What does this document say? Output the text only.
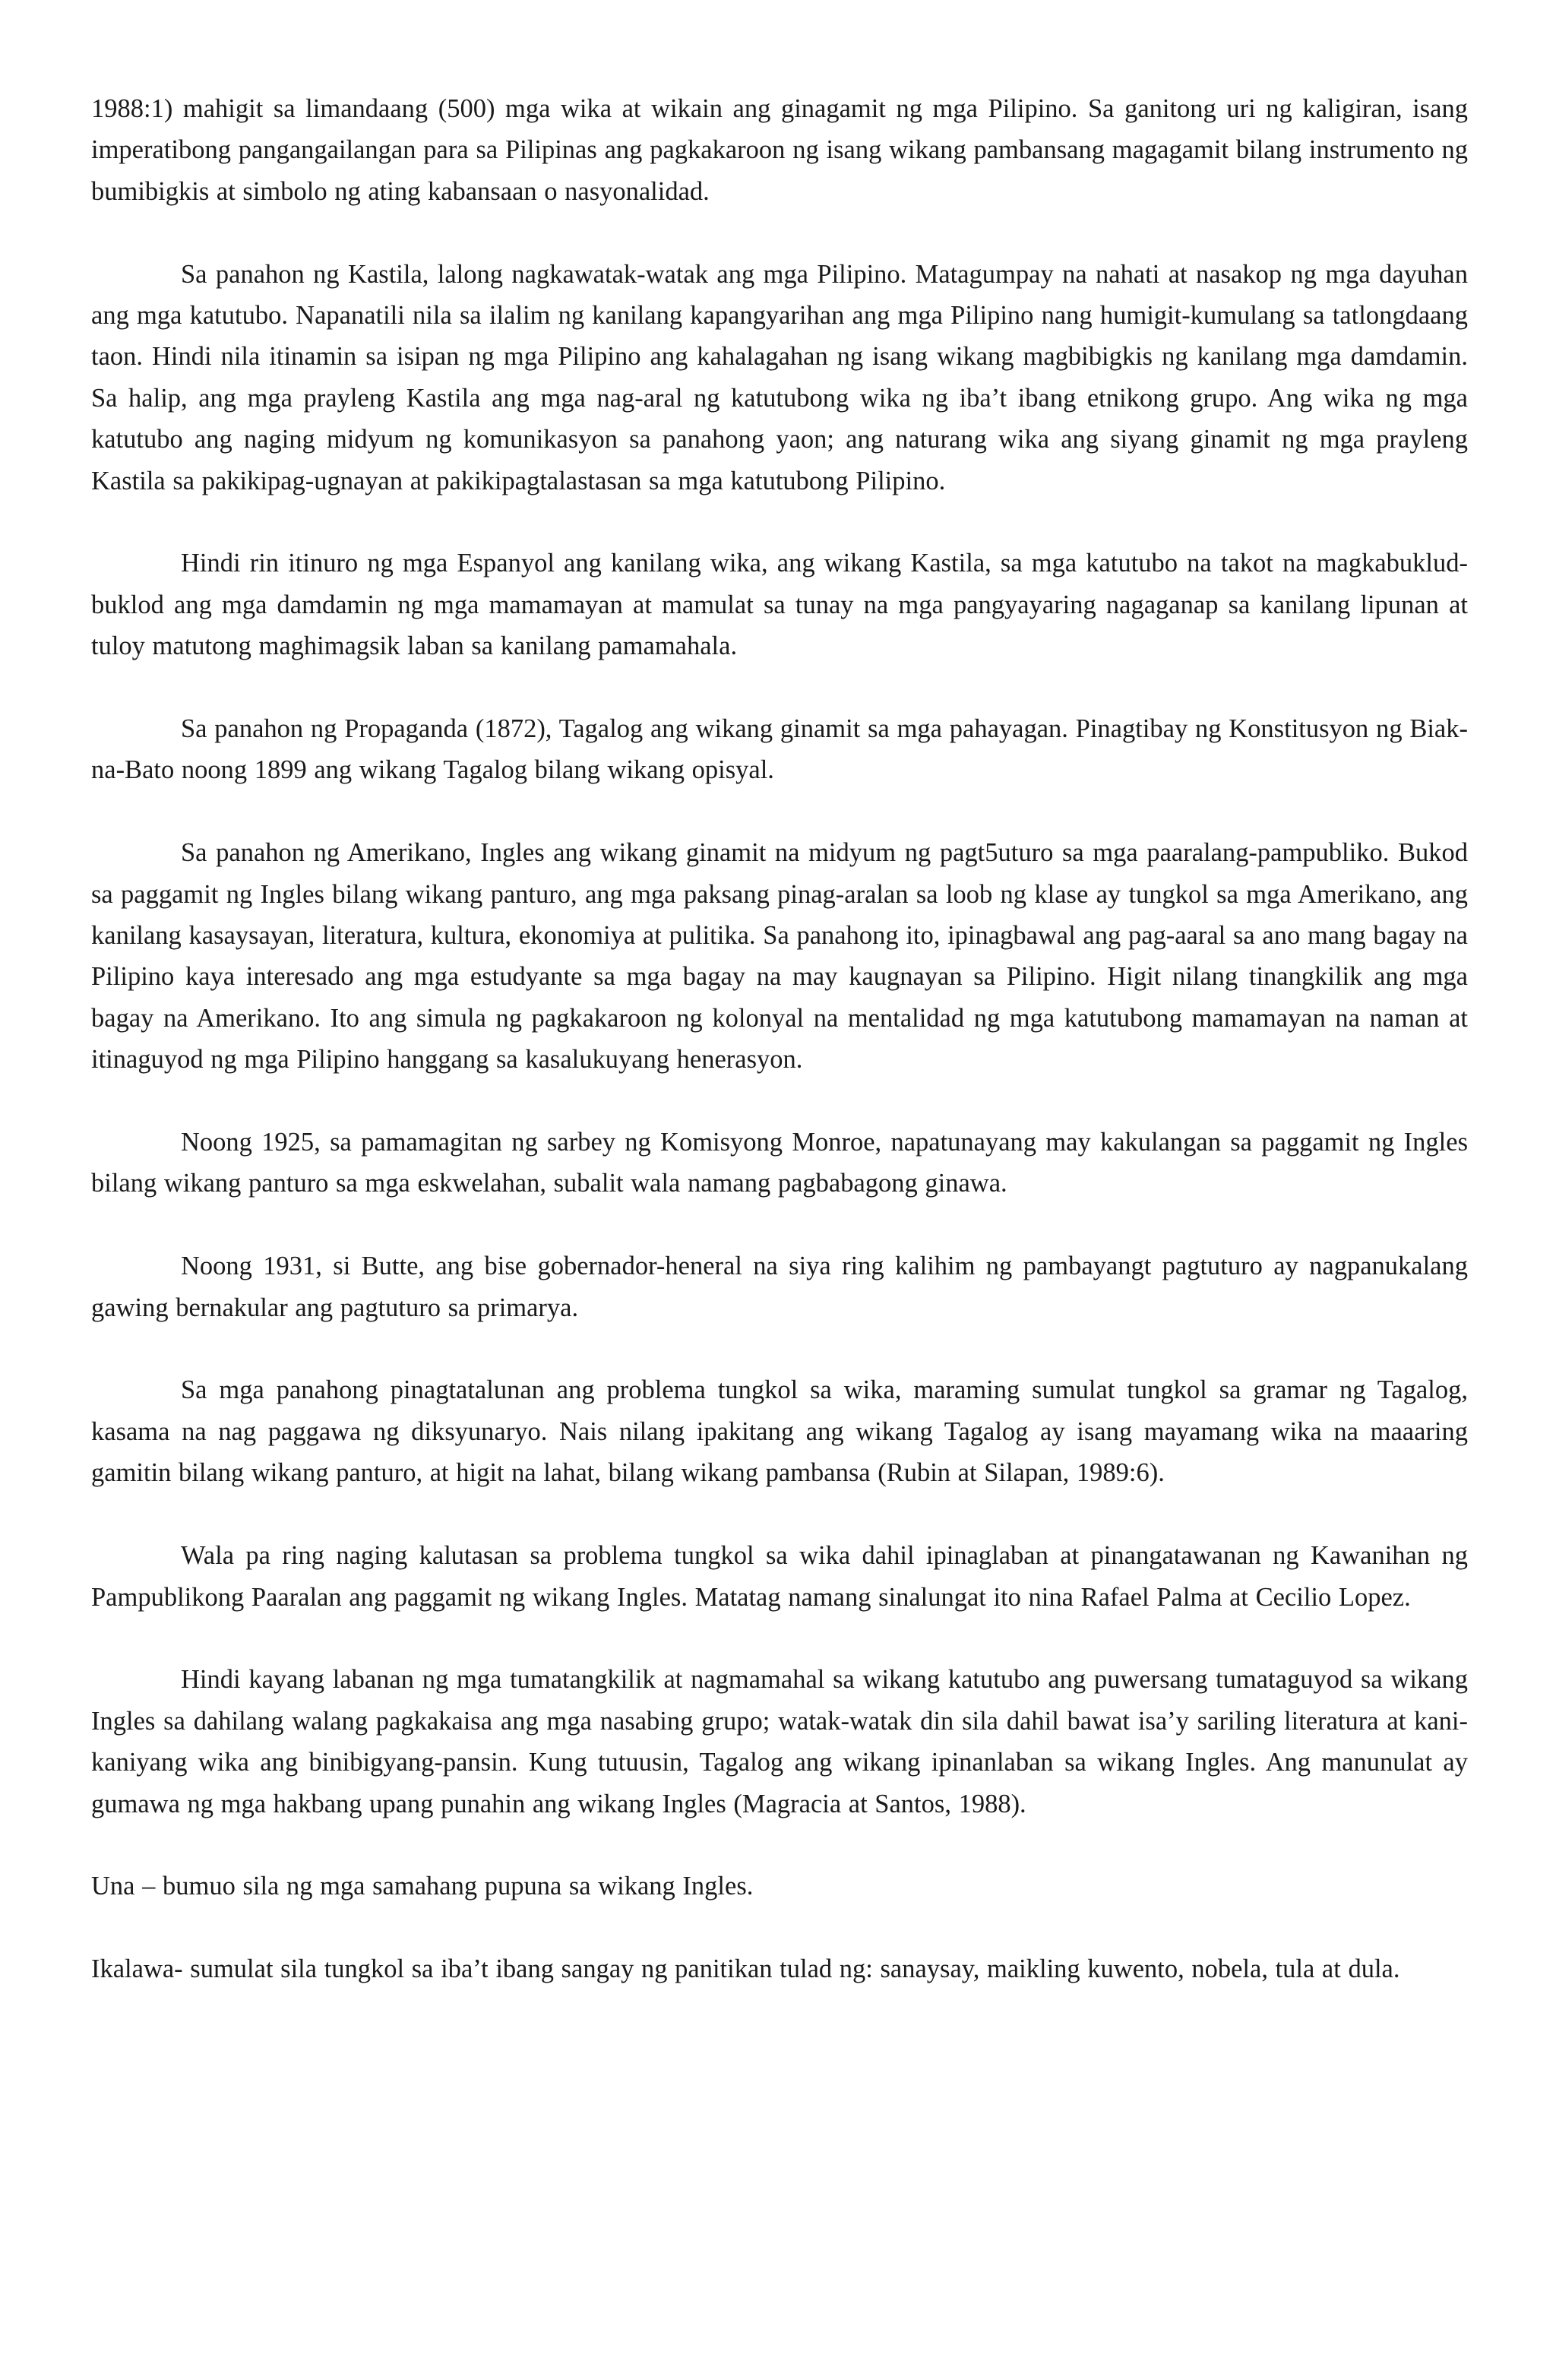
1988:1) mahigit sa limandaang (500) mga wika at wikain ang ginagamit ng mga Pilipino. Sa ganitong uri ng kaligiran, isang imperatibong pangangailangan para sa Pilipinas ang pagkakaroon ng isang wikang pambansang magagamit bilang instrumento ng bumibigkis at simbolo ng ating kabansaan o nasyonalidad.

Sa panahon ng Kastila, lalong nagkawatak-watak ang mga Pilipino. Matagumpay na nahati at nasakop ng mga dayuhan ang mga katutubo. Napanatili nila sa ilalim ng kanilang kapangyarihan ang mga Pilipino nang humigit-kumulang sa tatlongdaang taon. Hindi nila itinamin sa isipan ng mga Pilipino ang kahalagahan ng isang wikang magbibigkis ng kanilang mga damdamin. Sa halip, ang mga prayleng Kastila ang mga nag-aral ng katutubong wika ng iba’t ibang etnikong grupo. Ang wika ng mga katutubo ang naging midyum ng komunikasyon sa panahong yaon; ang naturang wika ang siyang ginamit ng mga prayleng Kastila sa pakikipag-ugnayan at pakikipagtalastasan sa mga katutubong Pilipino.

Hindi rin itinuro ng mga Espanyol ang kanilang wika, ang wikang Kastila, sa mga katutubo na takot na magkabuklud-buklod ang mga damdamin ng mga mamamayan at mamulat sa tunay na mga pangyayaring nagaganap sa kanilang lipunan at tuloy matutong maghimagsik laban sa kanilang pamamahala.

Sa panahon ng Propaganda (1872), Tagalog ang wikang ginamit sa mga pahayagan. Pinagtibay ng Konstitusyon ng Biak-na-Bato noong 1899 ang wikang Tagalog bilang wikang opisyal.

Sa panahon ng Amerikano, Ingles ang wikang ginamit na midyum ng pagt5uturo sa mga paaralang-pampubliko. Bukod sa paggamit ng Ingles bilang wikang panturo, ang mga paksang pinag-aralan sa loob ng klase ay tungkol sa mga Amerikano, ang kanilang kasaysayan, literatura, kultura, ekonomiya at pulitika. Sa panahong ito, ipinagbawal ang pag-aaral sa ano mang bagay na Pilipino kaya interesado ang mga estudyante sa mga bagay na may kaugnayan sa Pilipino. Higit nilang tinangkilik ang mga bagay na Amerikano. Ito ang simula ng pagkakaroon ng kolonyal na mentalidad ng mga katutubong mamamayan na naman at itinaguyod ng mga Pilipino hanggang sa kasalukuyang henerasyon.

Noong 1925, sa pamamagitan ng sarbey ng Komisyong Monroe, napatunayang may kakulangan sa paggamit ng Ingles bilang wikang panturo sa mga eskwelahan, subalit wala namang pagbabagong ginawa.

Noong 1931, si Butte, ang bise gobernador-heneral na siya ring kalihim ng pambayangt pagtuturo ay nagpanukalang gawing bernakular ang pagtuturo sa primarya.

Sa mga panahong pinagtatalunan ang problema tungkol sa wika, maraming sumulat tungkol sa gramar ng Tagalog, kasama na nag paggawa ng diksyunaryo. Nais nilang ipakitang ang wikang Tagalog ay isang mayamang wika na maaaring gamitin bilang wikang panturo, at higit na lahat, bilang wikang pambansa (Rubin at Silapan, 1989:6).

Wala pa ring naging kalutasan sa problema tungkol sa wika dahil ipinaglaban at pinangatawanan ng Kawanihan ng Pampublikong Paaralan ang paggamit ng wikang Ingles. Matatag namang sinalungat ito nina Rafael Palma at Cecilio Lopez.

Hindi kayang labanan ng mga tumatangkilik at nagmamahal sa wikang katutubo ang puwersang tumataguyod sa wikang Ingles sa dahilang walang pagkakaisa ang mga nasabing grupo; watak-watak din sila dahil bawat isa’y sariling literatura at kani-kaniyang wika ang binibigyang-pansin. Kung tutuusin, Tagalog ang wikang ipinanlaban sa wikang Ingles. Ang manunulat ay gumawa ng mga hakbang upang punahin ang wikang Ingles (Magracia at Santos, 1988).

Una – bumuo sila ng mga samahang pupuna sa wikang Ingles.

Ikalawa- sumulat sila tungkol sa iba’t ibang sangay ng panitikan tulad ng: sanaysay, maikling kuwento, nobela, tula at dula.
